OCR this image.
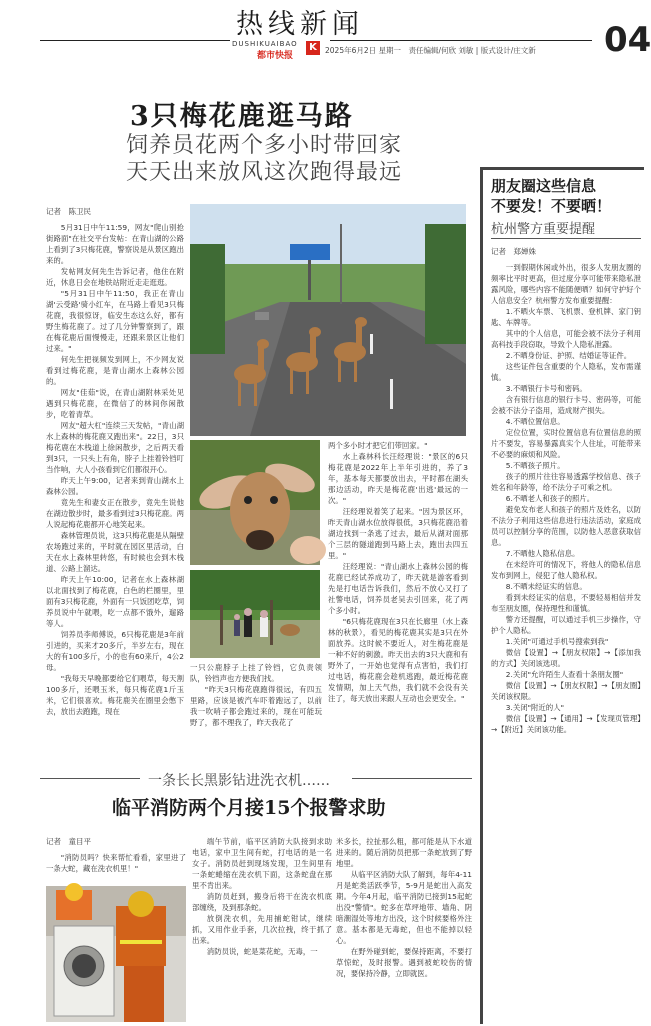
热线新闻
DUSHIKUAIBAO
都市快报
K	2025年6月2日 星期一　责任编辑/何欣 刘敏 | 版式设计/庄文新 04
3只梅花鹿逛马路
饲养员花两个多小时带回家
天天出来放风这次跑得最远
记者　陈卫民

5月31日中午11:59，网友"爬山别抢街路面"在社交平台发帖：在青山湖的公路上看到了3只梅花鹿，警察说是从景区跑出来的。

发帖网友何先生告诉记者，他住在附近，休息日会在地铁站附近走走逛逛。

"5月31日中午11:50，我正在青山湖'云受路'骑小红车，在马路上看见3只梅花鹿，我很惊讶，临安生态这么好，都有野生梅花鹿了。过了几分钟警察到了，跟在梅花鹿后面慢慢走，还跟来景区让他们过来。"

何先生把视频发到网上，不少网友说看到过梅花鹿，是青山湖水上森林公园的。

网友"佳茹"说，在青山湖附林采处见遇到只梅花鹿，在微信了的林间你闲散步，吃着青草。

网友"超大杠"连续三天发帖，"青山湖水上森林的梅花鹿又跑出来"。22日，3只梅花鹿在木栈道上徐闲散步，之后两天看到3只，一只头上有角，脖子上挂着铃铛叮当作响，大人小孩看到它们都很开心。

昨天上午9:00，记者来到青山湖水上森林公园。

竟先生和妻女正在散步，竟先生说他在湖边散步时，最多看到过3只梅花鹿。两人说起梅花鹿都开心地笑起来。

森林管理员说，这3只梅花鹿是从隔壁农场跑过来的，平时就在园区里活动，白天在水上森林里转悠，有时候也会到木栈道、公路上溜达。

昨天上午10:00，记者在水上森林湖以北面找到了梅花鹿，白色的栏圈里，里面有3只梅花鹿，外面有一只饭团吃草，饲养员说中午就喂，吃一点都不饿外，遛路等人。

饲养员李师傅说，6只梅花鹿是3年前引进的，买来才20多斤，半岁左右，现在大的有100多斤，小的也有60来斤，4公2母。

"我每天早晚都要给它们喂草，每天割100多斤，还喂玉米，每只梅花鹿1斤玉米，它们很喜欢。梅花鹿关在圈里会憋下去，放出去跑跑，现在

一只公鹿脖子上挂了铃铛，它负责领队，铃铛声也方便我们找。

"昨天3只梅花鹿跑得很远，有四五里路，应该是被汽车吓着跑远了，以前我一吹哨子都会跑过来的，现在可能玩野了，都不理我了，昨天我花了

两个多小时才把它们带回家。"

水上森林科长汪经理说："景区的6只梅花鹿是2022年上半年引进的，养了3年，基本每天都要放出去，平时都在湖头那边活动，昨天是梅花鹿'出逃'最远的一次。"

汪经理说着笑了起来。"因为景区环，昨天青山湖水位放得很低，3只梅花鹿沿着湖边找到一条逃了过去，最后从湖对面那个三层的隧道跑到马路上去，跑出去四五里。"

汪经理说："青山湖水上森林公园的梅花鹿已经试养成功了，昨天就是游客看到先是打电话告诉我们，然后不放心又打了社警电话，饲养员老吴去引回来，花了两个多小时。

"6只梅花鹿现在3只在长廊里（水上森林的秋景），看见的梅花鹿其实是3只在外面放养。这时候不要近人，对生梅花鹿是一种不好的刺激。昨天出去的3只大鹿和有野外了，一开始也觉得有点害怕，我们打过电话，梅花鹿会趁机逃跑，最近梅花鹿发情期，加上天气热，我们就不会没有关注了，每天放出来跟人互动也会更安全。"

一条长长黑影钻进洗衣机……
临平消防两个月接15个报警求助
记者　童目平

"消防员吗？快来帮忙看看，家里进了一条大蛇，藏在洗衣机里！"

端午节前，临平区消防大队接到求助电话，家中卫生间有蛇，打电话的是一名女子。消防员赶到现场发现，卫生间里有一条蛇蜷缩在洗衣机下面，这条蛇盘在那里不肯出来。

消防员赶到，搬身后将干在洗衣机底部缠绕，及到那条蛇。

放倒洗衣机，先用捕蛇钳试，继续抓，又用作业手套，几次拉拽，终于抓了出来。

消防员说，蛇是菜花蛇，无毒，一

米多长，拉扯那么粗，都可能是从下水道进来的。随后消防员把那一条蛇放到了野地里。

从临平区消防大队了解到，每年4-11月是蛇类活跃季节，5-9月是蛇出入高发期。今年4月起，临平消防已接到15起蛇出没"警情"。蛇多在草坪地带、墙角、阴暗潮湿处等地方出没，这个时候要格外注意。基本都是无毒蛇，但也不能掉以轻心。

在野外碰到蛇，要保持距离，不要打草惊蛇，及时报警。遇到被蛇咬伤的情况，要保持冷静，立即就医。

朋友圈这些信息
不要发！不要晒！
杭州警方重要提醒
记者　郑婵姝

一到假期休闲或外出，很多人发朋友圈的频率比平时更高，但过度分享可能带来隐私泄露风险，哪些内容不能随便晒？如何守护好个人信息安全？杭州警方发布重要提醒：

1.不晒火车票、飞机票、登机牌、家门钥匙、车牌等。

其中的个人信息，可能会被不法分子利用高科技手段窃取，导致个人隐私泄露。

2.不晒身份证、护照、结婚证等证件。

这些证件包含重要的个人隐私，发布需谨慎。

3.不晒银行卡号和密码。

含有银行信息的银行卡号、密码等，可能会被不法分子盗用，造成财产损失。

4.不晒位置信息。

定位位置，实时位置信息有位置信息的照片不要发，容易暴露真实个人住址，可能带来不必要的麻烦和风险。

5.不晒孩子照片。

孩子的照片往往容易透露学校信息、孩子姓名和年龄等，给不法分子可乘之机。

6.不晒老人和孩子的照片。

避免发布老人和孩子的照片及姓名，以防不法分子利用这些信息进行违法活动，家庭成员可以控制分享的范围，以防他人恶意获取信息。

7.不晒他人隐私信息。

在未经许可的情况下，将他人的隐私信息发布到网上，侵犯了他人隐私权。

8.不晒未经证实的信息。

看到未经证实的信息，不要轻易相信并发布至朋友圈，保持理性和谨慎。

警方还提醒，可以通过手机三步操作，守护个人隐私。

1.关闭"可通过手机号搜索到我"

微信【设置】→【朋友权限】→【添加我的方式】关闭该选项。

2.关闭"允许陌生人查看十条朋友圈"

微信【设置】→【朋友权限】→【朋友圈】关闭该权限。

3.关闭"附近的人"

微信【设置】→【通用】→【发现页管理】→【附近】关闭该功能。
